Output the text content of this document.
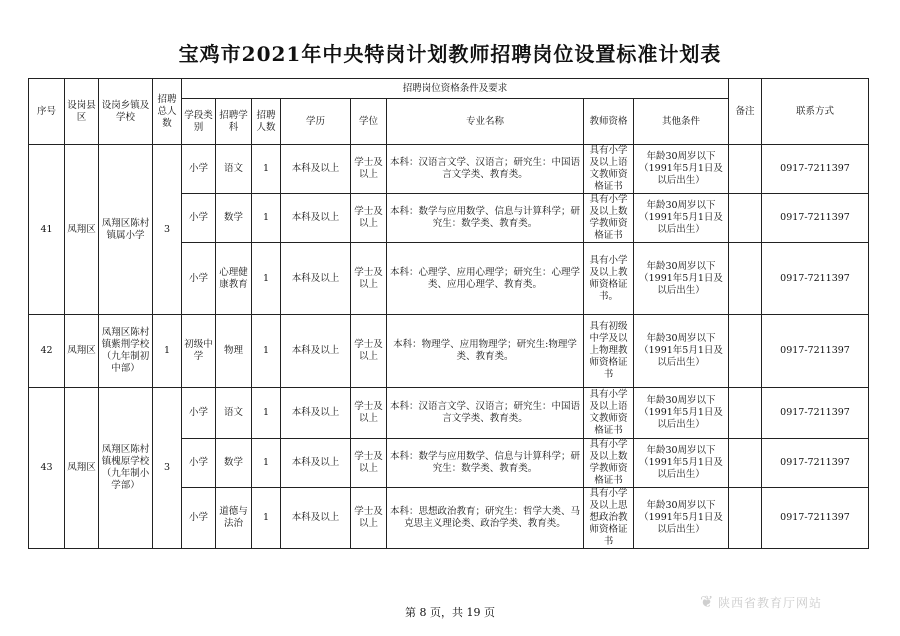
宝鸡市2021年中央特岗计划教师招聘岗位设置标准计划表
序号	设岗县区	设岗乡镇及学校	招聘总人数	招聘岗位资格条件及要求								备注	联系方式
				学段类别	招聘学科	招聘人数	学历	学位	专业名称	教师资格	其他条件		
41	凤翔区	凤翔区陈村镇属小学	3	小学	语文	1	本科及以上	学士及以上	本科：汉语言文学、汉语言；研究生：中国语言文学类、教育类。	具有小学及以上语文教师资格证书	年龄30周岁以下（1991年5月1日及以后出生）		0917-7211397
				小学	数学	1	本科及以上	学士及以上	本科：数学与应用数学、信息与计算科学；研究生：数学类、教育类。	具有小学及以上数学教师资格证书	年龄30周岁以下（1991年5月1日及以后出生）		0917-7211397
				小学	心理健康教育	1	本科及以上	学士及以上	本科：心理学、应用心理学；研究生：心理学类、应用心理学、教育类。	具有小学及以上教师资格证书。	年龄30周岁以下（1991年5月1日及以后出生）		0917-7211397
42	凤翔区	凤翔区陈村镇紫荆学校（九年制初中部）	1	初级中学	物理	1	本科及以上	学士及以上	本科：物理学、应用物理学；研究生:物理学类、教育类。	具有初级中学及以上物理教师资格证书	年龄30周岁以下（1991年5月1日及以后出生）		0917-7211397
43	凤翔区	凤翔区陈村镇槐原学校（九年制小学部）	3	小学	语文	1	本科及以上	学士及以上	本科：汉语言文学、汉语言；研究生：中国语言文学类、教育类。	具有小学及以上语文教师资格证书	年龄30周岁以下（1991年5月1日及以后出生）		0917-7211397
				小学	数学	1	本科及以上	学士及以上	本科：数学与应用数学、信息与计算科学；研究生：数学类、教育类。	具有小学及以上数学教师资格证书	年龄30周岁以下（1991年5月1日及以后出生）		0917-7211397
				小学	道德与法治	1	本科及以上	学士及以上	本科：思想政治教育；研究生：哲学大类、马克思主义理论类、政治学类、教育类。	具有小学及以上思想政治教师资格证书	年龄30周岁以下（1991年5月1日及以后出生）		0917-7211397
第 8 页，共 19 页
❦ 陕西省教育厅网站
